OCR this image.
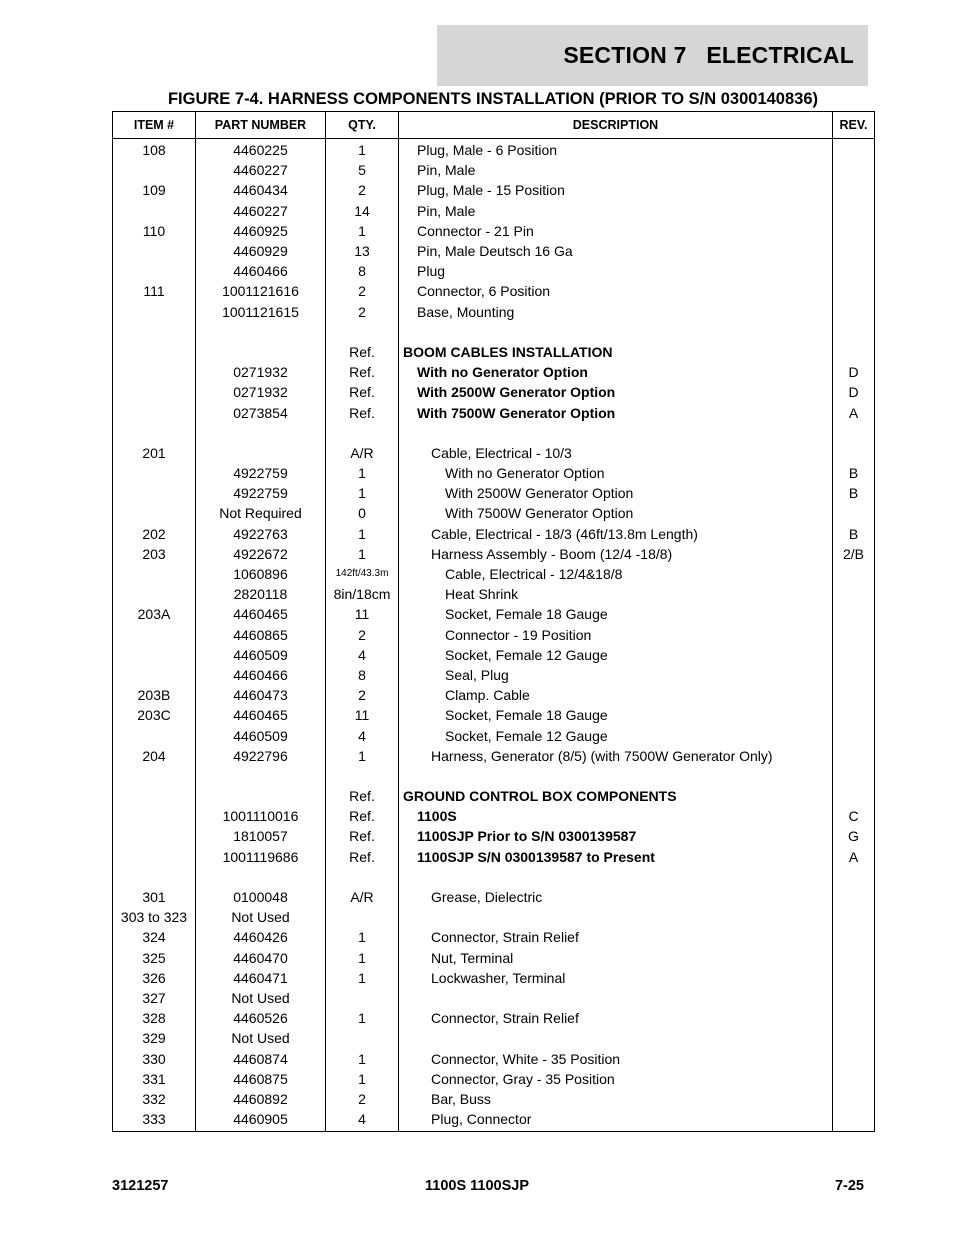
SECTION 7   ELECTRICAL
FIGURE 7-4. HARNESS COMPONENTS INSTALLATION (PRIOR TO S/N 0300140836)
ITEM #	PART NUMBER	QTY.	DESCRIPTION	REV.
108	4460225	1	Plug, Male - 6 Position	
	4460227	5	Pin, Male	
109	4460434	2	Plug, Male - 15 Position	
	4460227	14	Pin, Male	
110	4460925	1	Connector - 21 Pin	
	4460929	13	Pin, Male Deutsch 16 Ga	
	4460466	8	Plug	
111	1001121616	2	Connector, 6 Position	
	1001121615	2	Base, Mounting	

		Ref.	BOOM CABLES INSTALLATION	
	0271932	Ref.	With no Generator Option	D
	0271932	Ref.	With 2500W Generator Option	D
	0273854	Ref.	With 7500W Generator Option	A

201		A/R	Cable, Electrical - 10/3	
	4922759	1	With no Generator Option	B
	4922759	1	With 2500W Generator Option	B
	Not Required	0	With 7500W Generator Option	
202	4922763	1	Cable, Electrical - 18/3 (46ft/13.8m Length)	B
203	4922672	1	Harness Assembly - Boom (12/4 -18/8)	2/B
	1060896	142ft/43.3m	Cable, Electrical - 12/4&18/8	
	2820118	8in/18cm	Heat Shrink	
203A	4460465	11	Socket, Female 18 Gauge	
	4460865	2	Connector - 19 Position	
	4460509	4	Socket, Female 12 Gauge	
	4460466	8	Seal, Plug	
203B	4460473	2	Clamp. Cable	
203C	4460465	11	Socket, Female 18 Gauge	
	4460509	4	Socket, Female 12 Gauge	
204	4922796	1	Harness, Generator (8/5) (with 7500W Generator Only)	

		Ref.	GROUND CONTROL BOX COMPONENTS	
	1001110016	Ref.	1100S	C
	1810057	Ref.	1100SJP Prior to S/N 0300139587	G
	1001119686	Ref.	1100SJP S/N 0300139587 to Present	A

301	0100048	A/R	Grease, Dielectric	
303 to 323	Not Used			
324	4460426	1	Connector, Strain Relief	
325	4460470	1	Nut, Terminal	
326	4460471	1	Lockwasher, Terminal	
327	Not Used			
328	4460526	1	Connector, Strain Relief	
329	Not Used			
330	4460874	1	Connector, White - 35 Position	
331	4460875	1	Connector, Gray - 35 Position	
332	4460892	2	Bar, Buss	
333	4460905	4	Plug, Connector	
3121257	1100S 1100SJP	7-25
